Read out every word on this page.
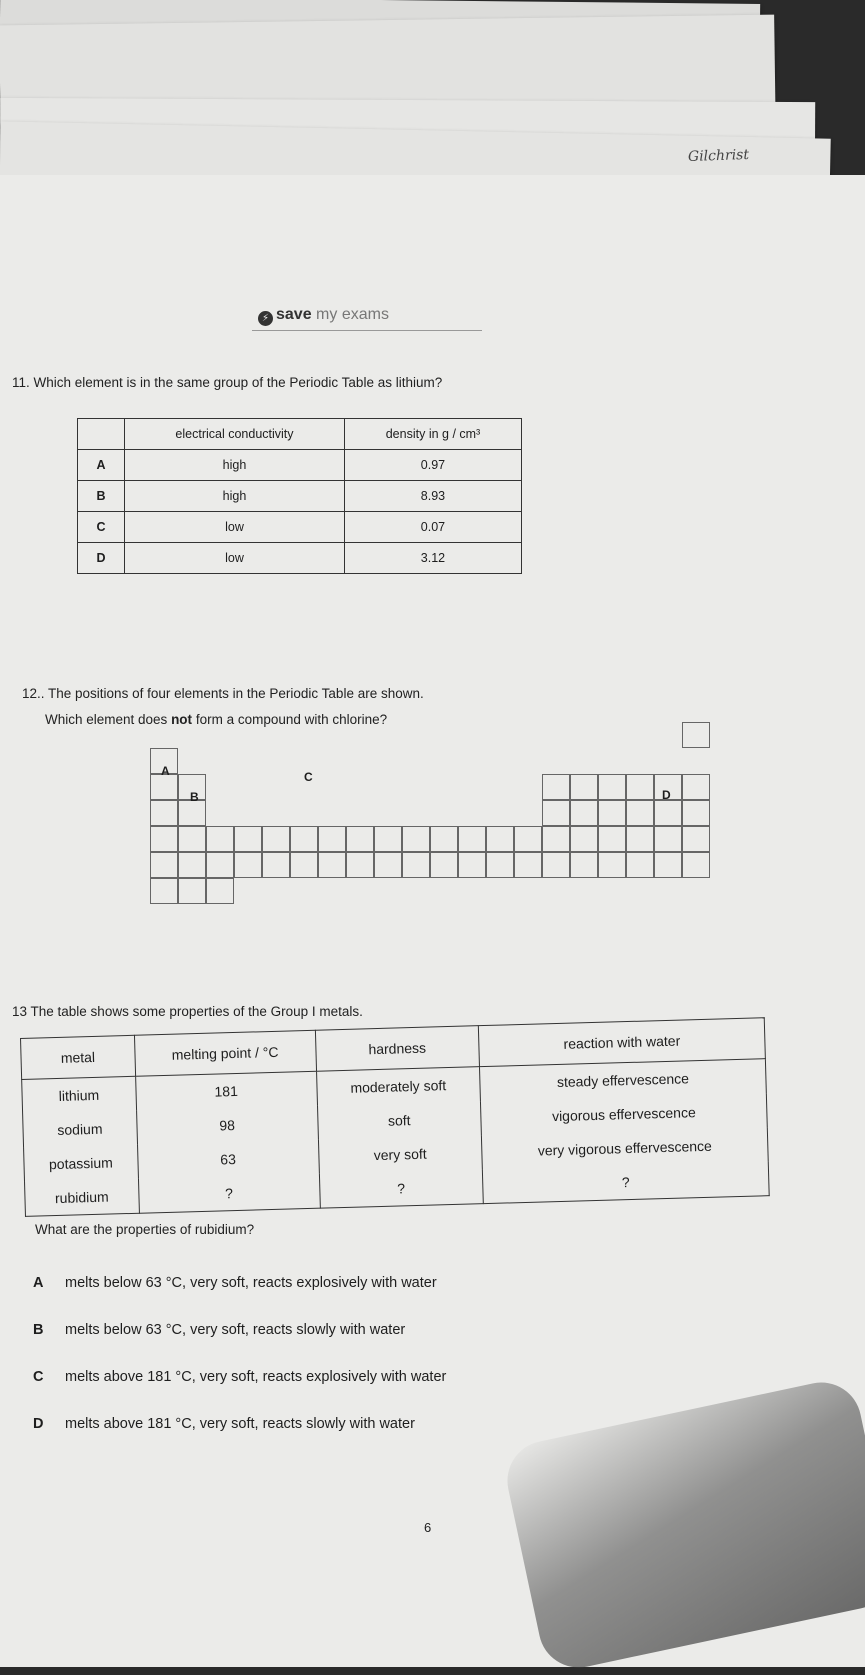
Gilchrist
⚡ save my exams
11. Which element is in the same group of the Periodic Table as lithium?
	electrical conductivity	density in g / cm³
A	high	0.97
B	high	8.93
C	low	0.07
D	low	3.12
12.. The positions of four elements in the Periodic Table are shown.
Which element does not form a compound with chlorine?
A
B
C
D
13 The table shows some properties of the Group I metals.
metal	melting point / °C	hardness	reaction with water
lithium	181	moderately soft	steady effervescence
sodium	98	soft	vigorous effervescence
potassium	63	very soft	very vigorous effervescence
rubidium	?	?	?
What are the properties of rubidium?
A melts below 63 °C, very soft, reacts explosively with water
B melts below 63 °C, very soft, reacts slowly with water
C melts above 181 °C, very soft, reacts explosively with water
D melts above 181 °C, very soft, reacts slowly with water
6
